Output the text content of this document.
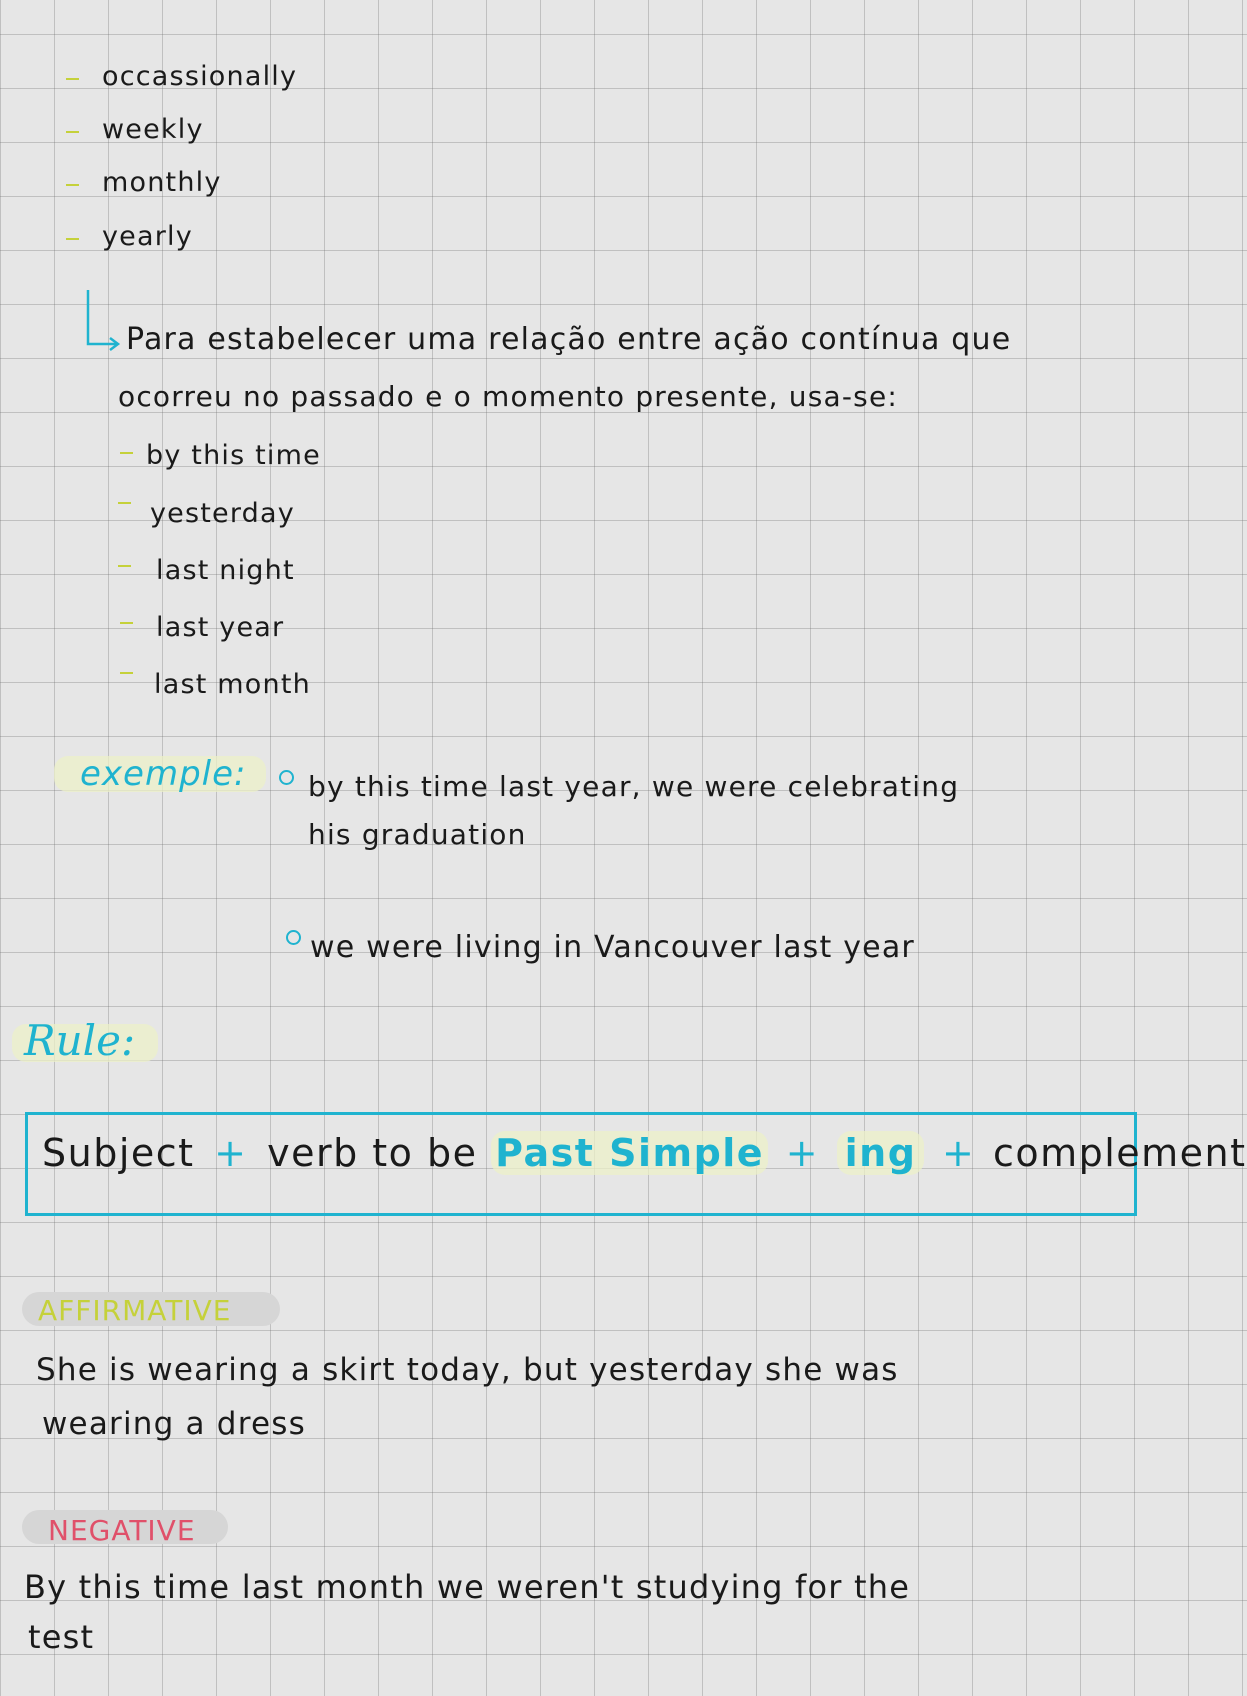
occassionally
weekly
monthly
yearly
Para estabelecer uma relação entre ação contínua que
ocorreu no passado e o momento presente, usa-se:
by this time
yesterday
last night
last year
last month
exemple: by this time last year, we were celebrating
his graduation
we were living in Vancouver last year
Rule:
Subject + verb to be Past Simple + ing + complement
AFFIRMATIVE
She is wearing a skirt today, but yesterday she was
wearing a dress
NEGATIVE
By this time last month we weren't studying for the
test
